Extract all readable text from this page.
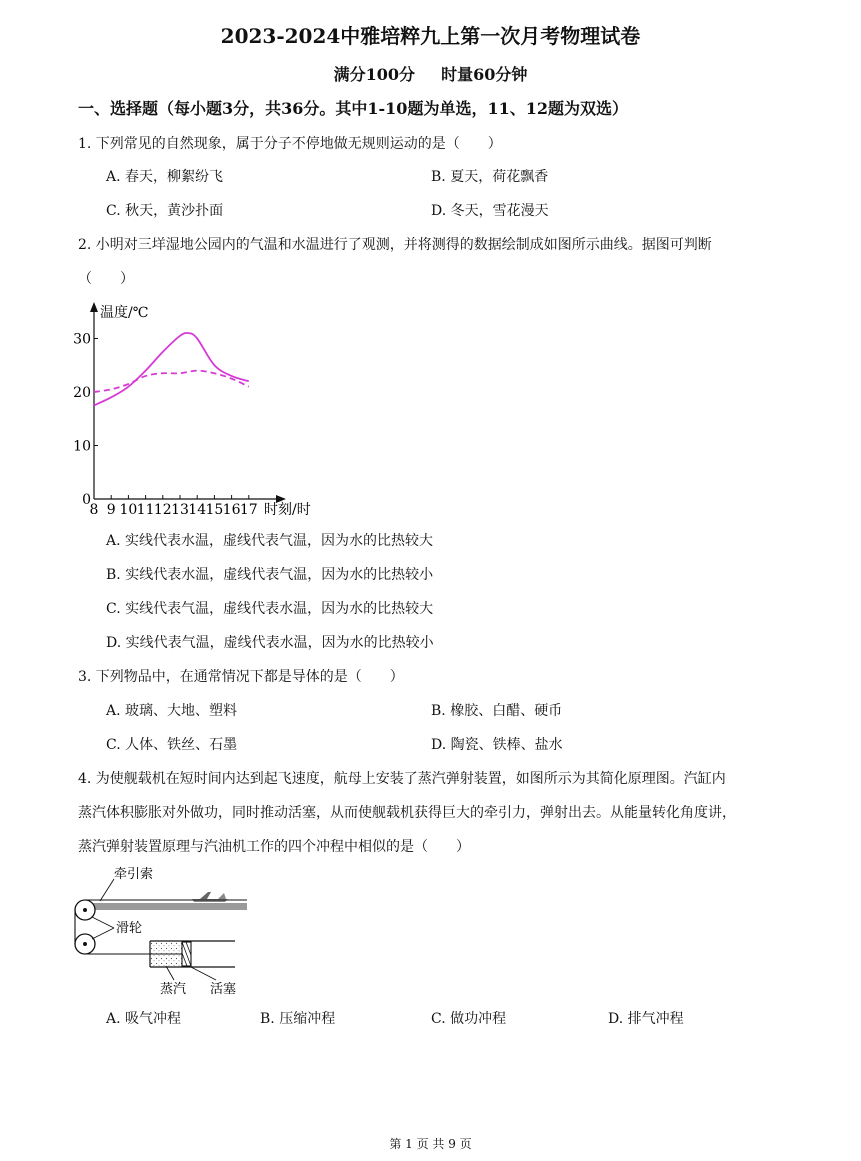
2023-2024中雅培粹九上第一次月考物理试卷
满分100分 时量60分钟
一、选择题（每小题3分，共36分。其中1-10题为单选，11、12题为双选）
1. 下列常见的自然现象，属于分子不停地做无规则运动的是（　　）
A. 春天，柳絮纷飞	B. 夏天，荷花飘香
C. 秋天，黄沙扑面	D. 冬天，雪花漫天
2. 小明对三垟湿地公园内的气温和水温进行了观测，并将测得的数据绘制成如图所示曲线。据图可判断
（　　）
温度/℃
时刻/时
8 9 10 11 12 13 14 15 16 17
0
10
20
30
A. 实线代表水温，虚线代表气温，因为水的比热较大
B. 实线代表水温，虚线代表气温，因为水的比热较小
C. 实线代表气温，虚线代表水温，因为水的比热较大
D. 实线代表气温，虚线代表水温，因为水的比热较小
3. 下列物品中，在通常情况下都是导体的是（　　）
A. 玻璃、大地、塑料	B. 橡胶、白醋、硬币
C. 人体、铁丝、石墨	D. 陶瓷、铁棒、盐水
4. 为使舰载机在短时间内达到起飞速度，航母上安装了蒸汽弹射装置，如图所示为其简化原理图。汽缸内
蒸汽体积膨胀对外做功，同时推动活塞，从而使舰载机获得巨大的牵引力，弹射出去。从能量转化角度讲，
蒸汽弹射装置原理与汽油机工作的四个冲程中相似的是（　　）
牵引索
滑轮
蒸汽 活塞
A. 吸气冲程	B. 压缩冲程	C. 做功冲程	D. 排气冲程
第 1 页 共 9 页
